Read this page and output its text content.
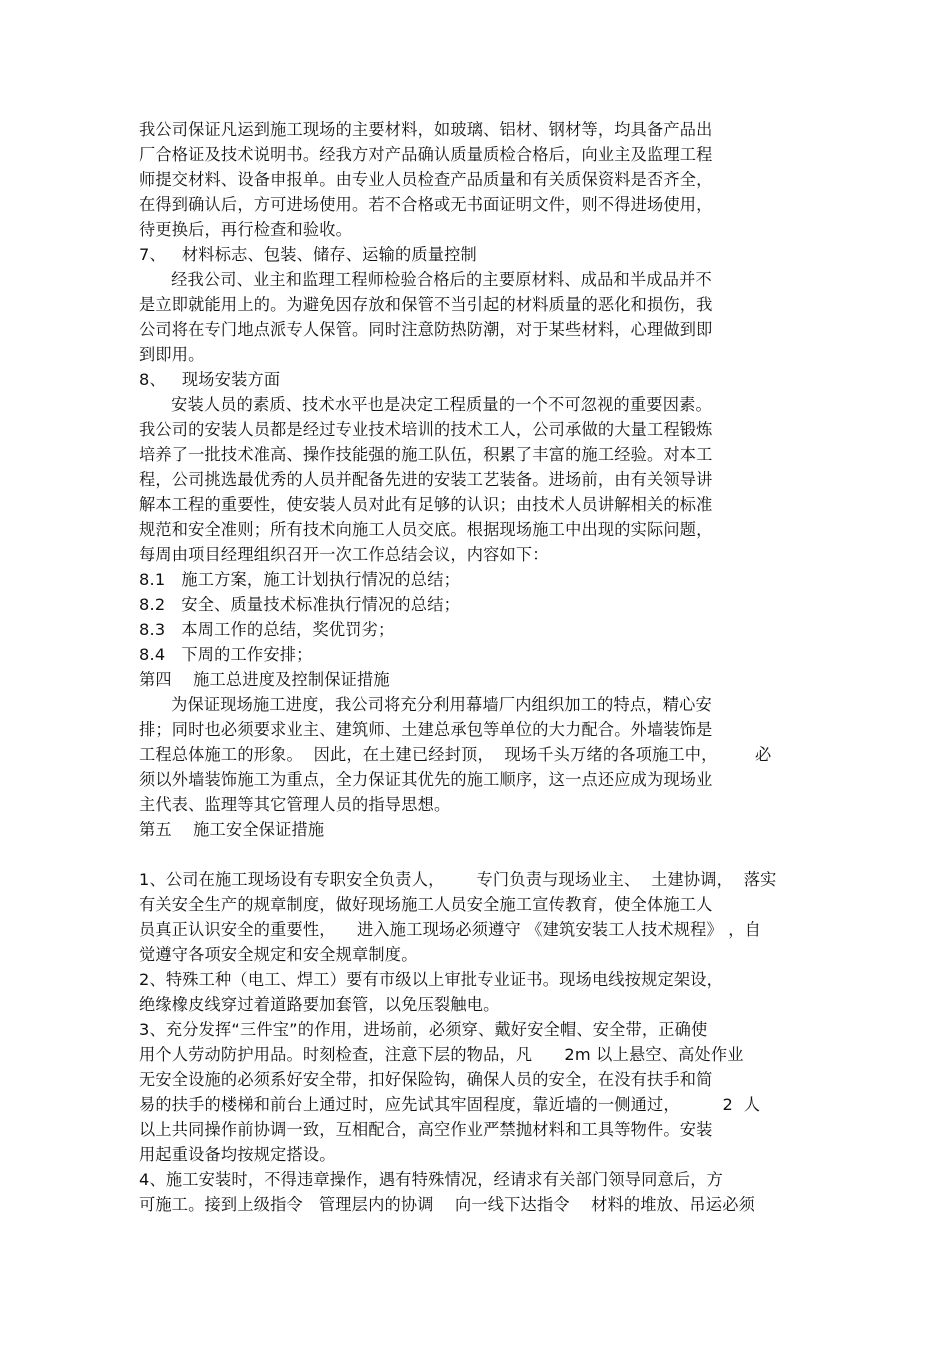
我公司保证凡运到施工现场的主要材料，如玻璃、铝材、钢材等，均具备产品出
厂合格证及技术说明书。经我方对产品确认质量质检合格后，向业主及监理工程
师提交材料、设备申报单。由专业人员检查产品质量和有关质保资料是否齐全，
在得到确认后，方可进场使用。若不合格或无书面证明文件，则不得进场使用，
待更换后，再行检查和验收。
7、   材料标志、包装、储存、运输的质量控制
经我公司、业主和监理工程师检验合格后的主要原材料、成品和半成品并不
是立即就能用上的。为避免因存放和保管不当引起的材料质量的恶化和损伤，我
公司将在专门地点派专人保管。同时注意防热防潮，对于某些材料，心理做到即
到即用。
8、   现场安装方面
安装人员的素质、技术水平也是决定工程质量的一个不可忽视的重要因素。
我公司的安装人员都是经过专业技术培训的技术工人，公司承做的大量工程锻炼
培养了一批技术准高、操作技能强的施工队伍，积累了丰富的施工经验。对本工
程，公司挑选最优秀的人员并配备先进的安装工艺装备。进场前，由有关领导讲
解本工程的重要性，使安装人员对此有足够的认识；由技术人员讲解相关的标准
规范和安全准则；所有技术向施工人员交底。根据现场施工中出现的实际问题，
每周由项目经理组织召开一次工作总结会议，内容如下：
8.1   施工方案，施工计划执行情况的总结；
8.2   安全、质量技术标准执行情况的总结；
8.3   本周工作的总结，奖优罚劣；
8.4   下周的工作安排；
第四    施工总进度及控制保证措施
为保证现场施工进度，我公司将充分利用幕墙厂内组织加工的特点，精心安
排；同时也必须要求业主、建筑师、土建总承包等单位的大力配合。外墙装饰是
工程总体施工的形象。  因此，在土建已经封顶，  现场千头万绪的各项施工中，       必
须以外墙装饰施工为重点，全力保证其优先的施工顺序，这一点还应成为现场业
主代表、监理等其它管理人员的指导思想。
第五    施工安全保证措施
1、公司在施工现场设有专职安全负责人，      专门负责与现场业主、  土建协调，  落实
有关安全生产的规章制度，做好现场施工人员安全施工宣传教育，使全体施工人
员真正认识安全的重要性，    进入施工现场必须遵守 《建筑安装工人技术规程》 ，自
觉遵守各项安全规定和安全规章制度。
2、特殊工种（电工、焊工）要有市级以上审批专业证书。现场电线按规定架设，
绝缘橡皮线穿过着道路要加套管，以免压裂触电。
3、充分发挥“三件宝”的作用，进场前，必须穿、戴好安全帽、安全带，正确使
用个人劳动防护用品。时刻检查，注意下层的物品，凡      2m 以上悬空、高处作业
无安全设施的必须系好安全带，扣好保险钩，确保人员的安全，在没有扶手和简
易的扶手的楼梯和前台上通过时，应先试其牢固程度，靠近墙的一侧通过，        2  人
以上共同操作前协调一致，互相配合，高空作业严禁抛材料和工具等物件。安装
用起重设备均按规定搭设。
4、施工安装时，不得违章操作，遇有特殊情况，经请求有关部门领导同意后，方
可施工。接到上级指令   管理层内的协调    向一线下达指令    材料的堆放、吊运必须
